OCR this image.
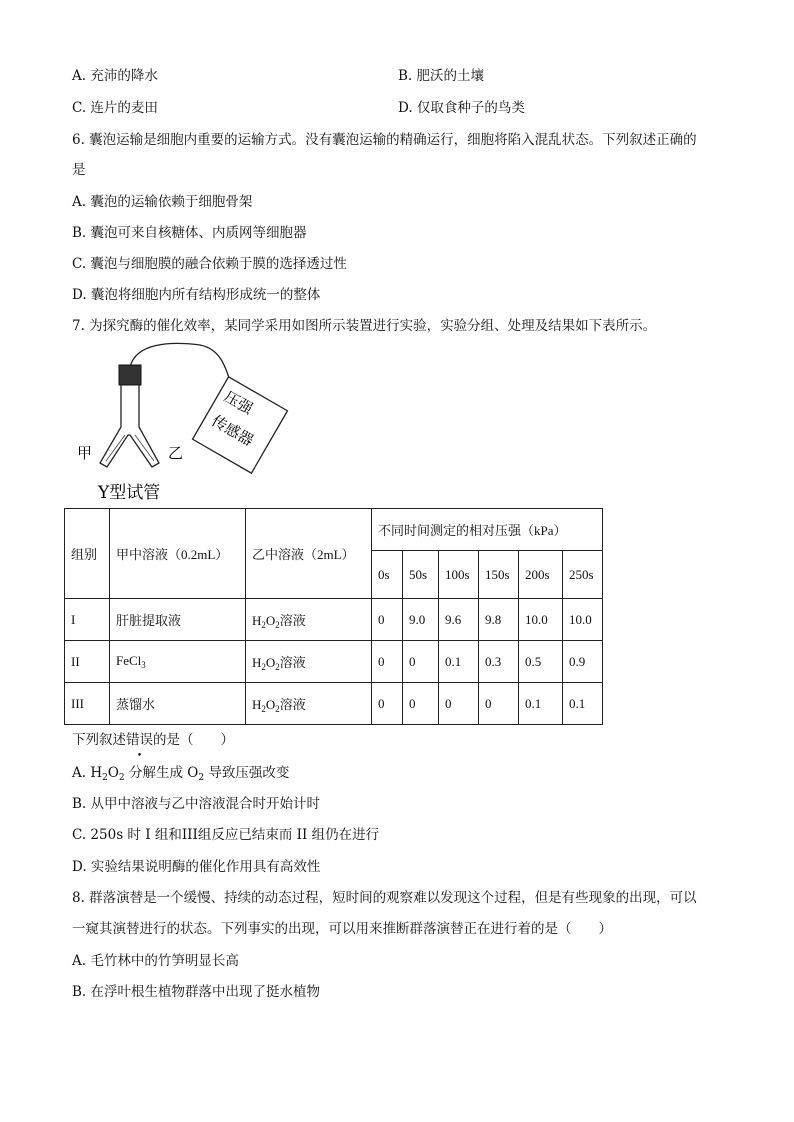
A. 充沛的降水	B. 肥沃的土壤
C. 连片的麦田	D. 仅取食种子的鸟类
6. 囊泡运输是细胞内重要的运输方式。没有囊泡运输的精确运行，细胞将陷入混乱状态。下列叙述正确的
是
A. 囊泡的运输依赖于细胞骨架
B. 囊泡可来自核糖体、内质网等细胞器
C. 囊泡与细胞膜的融合依赖于膜的选择透过性
D. 囊泡将细胞内所有结构形成统一的整体
7. 为探究酶的催化效率，某同学采用如图所示装置进行实验，实验分组、处理及结果如下表所示。
压强
传感器
甲	乙
Y型试管
组别	甲中溶液（0.2mL）	乙中溶液（2mL）	不同时间测定的相对压强（kPa）					
			0s	50s	100s	150s	200s	250s
I	肝脏提取液	$H_2O_2$溶液	0	9.0	9.6	9.8	10.0	10.0
II	FeCl$_3$	$H_2O_2$溶液	0	0	0.1	0.3	0.5	0.9
III	蒸馏水	$H_2O_2$溶液	0	0	0	0	0.1	0.1
下列叙述错误的是（　　）
A. $H_2O_2$ 分解生成 $O_2$ 导致压强改变
B. 从甲中溶液与乙中溶液混合时开始计时
C. 250s 时 I 组和III组反应已结束而 II 组仍在进行
D. 实验结果说明酶的催化作用具有高效性
8. 群落演替是一个缓慢、持续的动态过程，短时间的观察难以发现这个过程，但是有些现象的出现，可以
一窥其演替进行的状态。下列事实的出现，可以用来推断群落演替正在进行着的是（　　）
A. 毛竹林中的竹笋明显长高
B. 在浮叶根生植物群落中出现了挺水植物
